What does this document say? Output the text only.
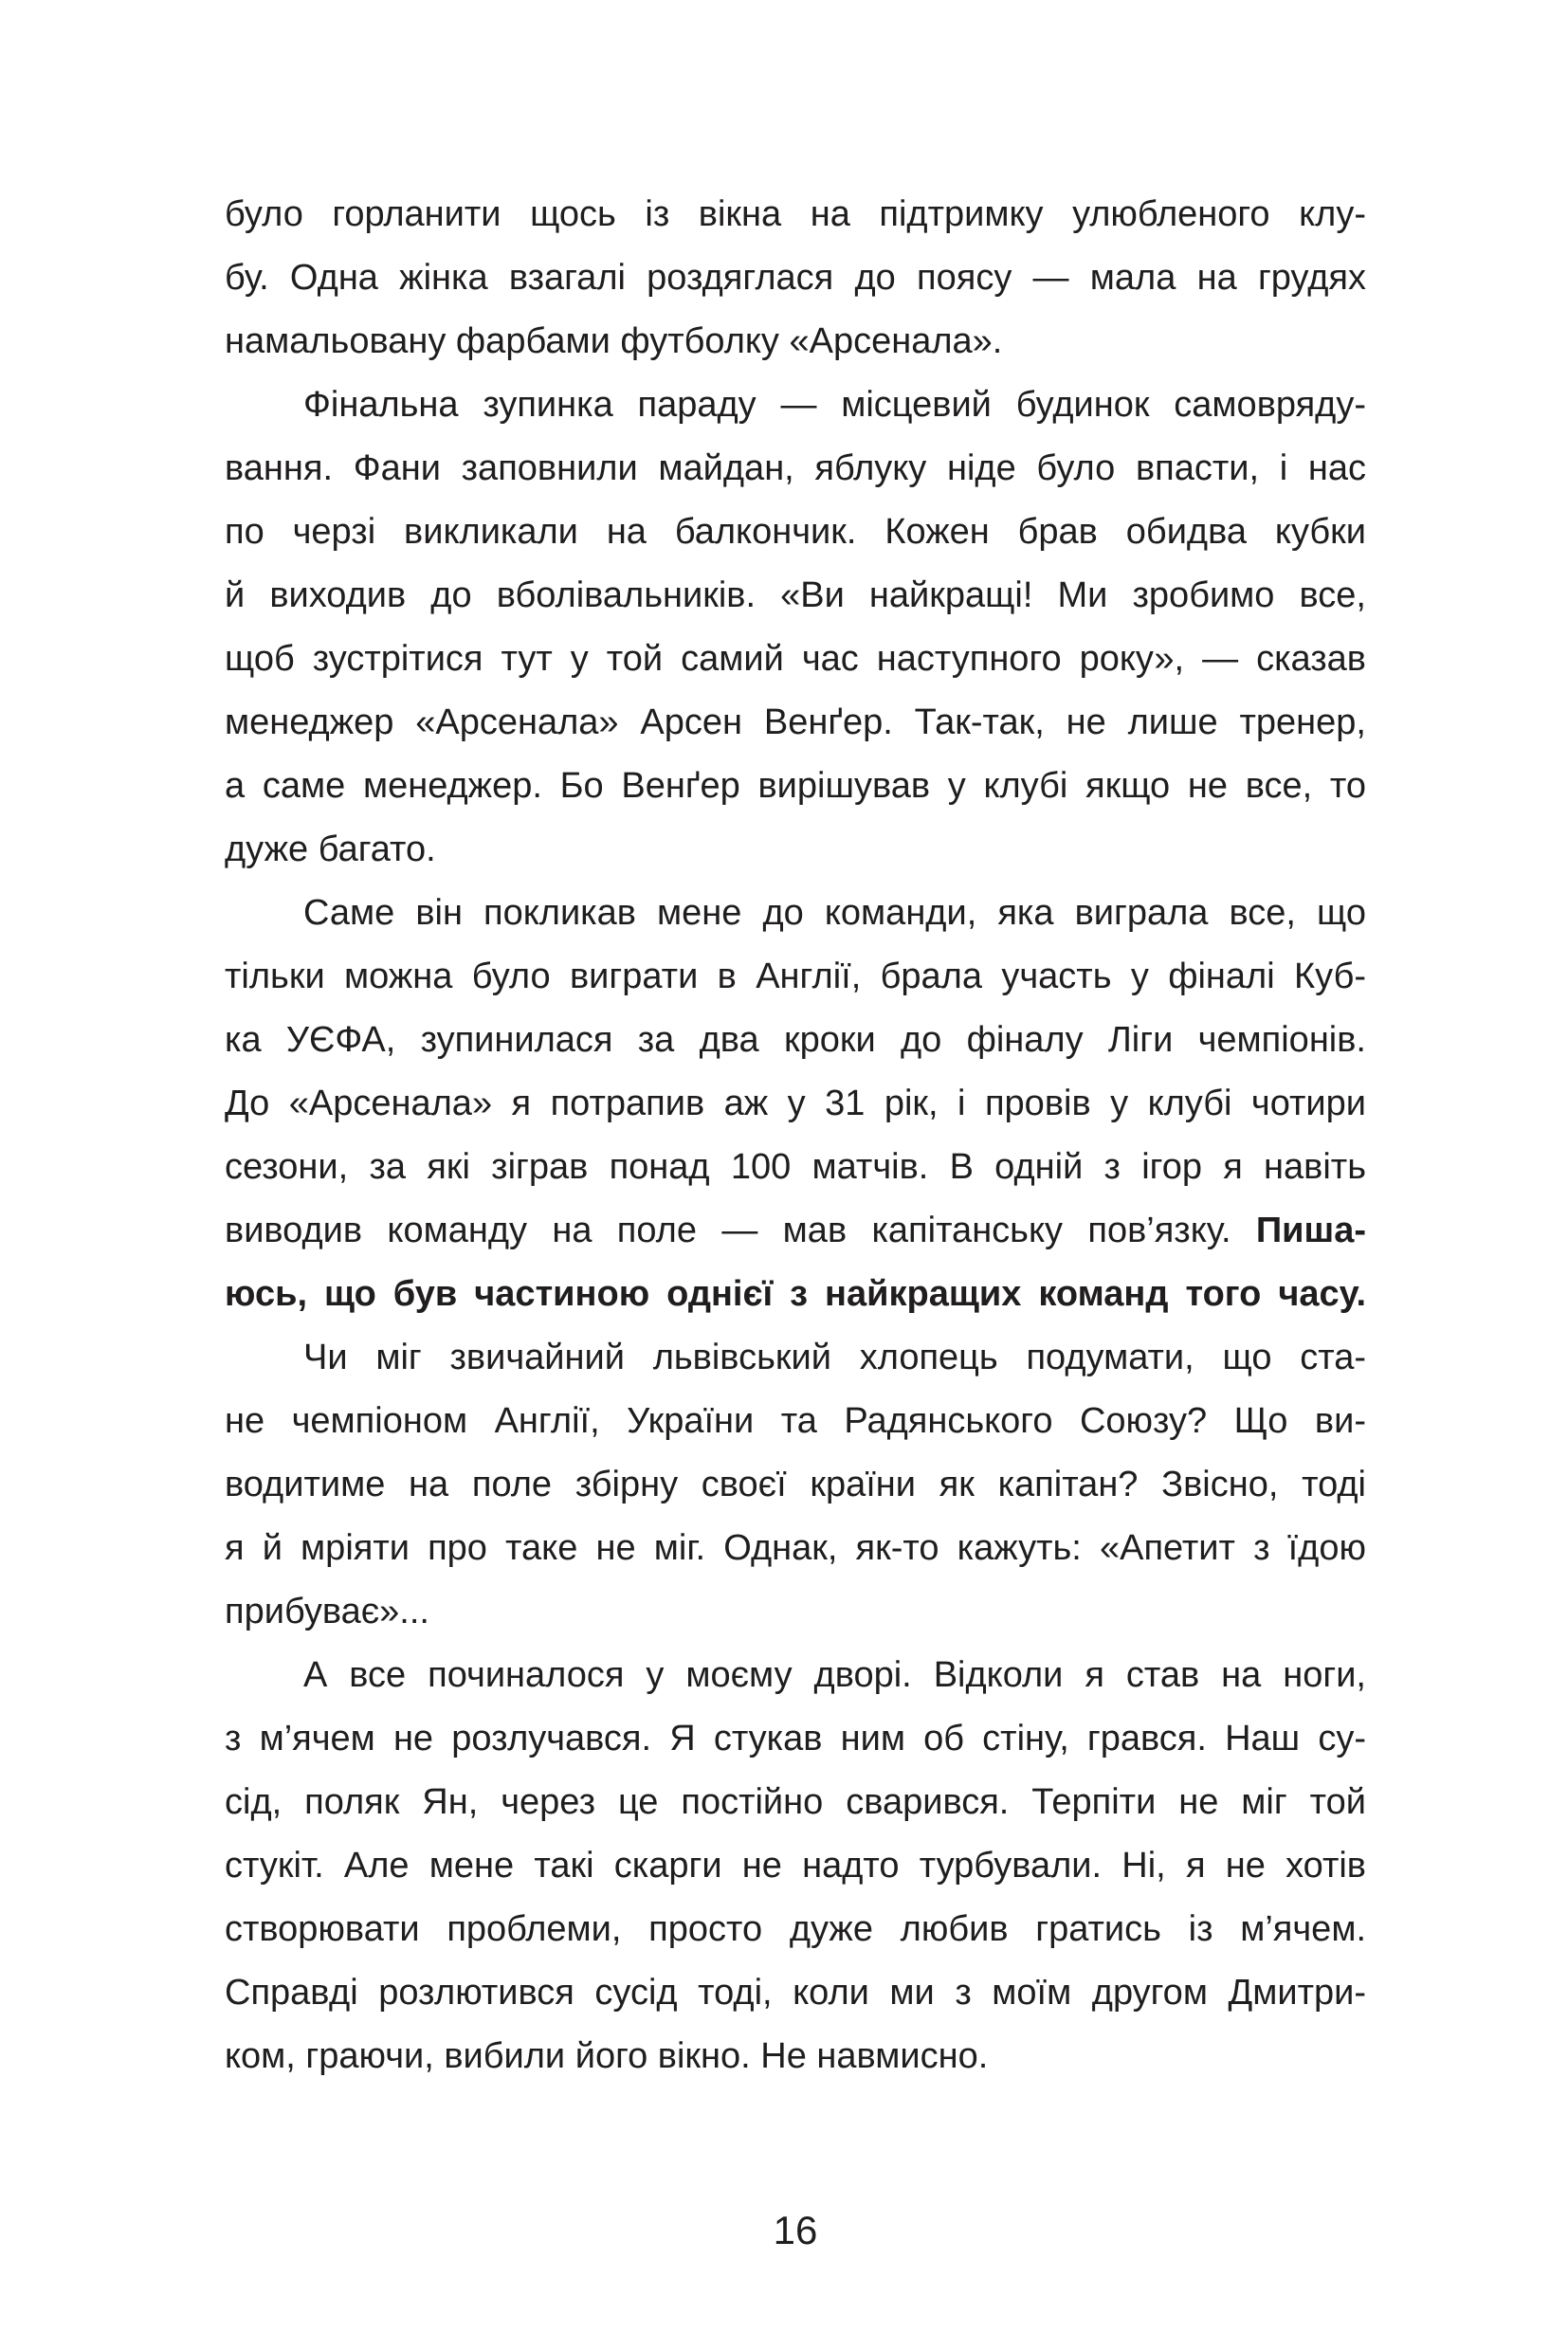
було горланити щось із вікна на підтримку улюбленого клу-
бу. Одна жінка взагалі роздяглася до поясу — мала на грудях
намальовану фарбами футболку «Арсенала».
Фінальна зупинка параду — місцевий будинок самовряду-
вання. Фани заповнили майдан, яблуку ніде було впасти, і нас
по черзі викликали на балкончик. Кожен брав обидва кубки
й виходив до вболівальників. «Ви найкращі! Ми зробимо все,
щоб зустрітися тут у той самий час наступного року», — сказав
менеджер «Арсенала» Арсен Венґер. Так-так, не лише тренер,
а саме менеджер. Бо Венґер вирішував у клубі якщо не все, то
дуже багато.
Саме він покликав мене до команди, яка виграла все, що
тільки можна було виграти в Англії, брала участь у фіналі Куб-
ка УЄФА, зупинилася за два кроки до фіналу Ліги чемпіонів.
До «Арсенала» я потрапив аж у 31 рік, і провів у клубі чотири
сезони, за які зіграв понад 100 матчів. В одній з ігор я навіть
виводив команду на поле — мав капітанську пов’язку. Пиша-
юсь, що був частиною однієї з найкращих команд того часу.
Чи міг звичайний львівський хлопець подумати, що ста-
не чемпіоном Англії, України та Радянського Союзу? Що ви-
водитиме на поле збірну своєї країни як капітан? Звісно, тоді
я й мріяти про таке не міг. Однак, як-то кажуть: «Апетит з їдою
прибуває»...
А все починалося у моєму дворі. Відколи я став на ноги,
з м’ячем не розлучався. Я стукав ним об стіну, грався. Наш су-
сід, поляк Ян, через це постійно сварився. Терпіти не міг той
стукіт. Але мене такі скарги не надто турбували. Ні, я не хотів
створювати проблеми, просто дуже любив гратись із м’ячем.
Справді розлютився сусід тоді, коли ми з моїм другом Дмитри-
ком, граючи, вибили його вікно. Не навмисно.
16
